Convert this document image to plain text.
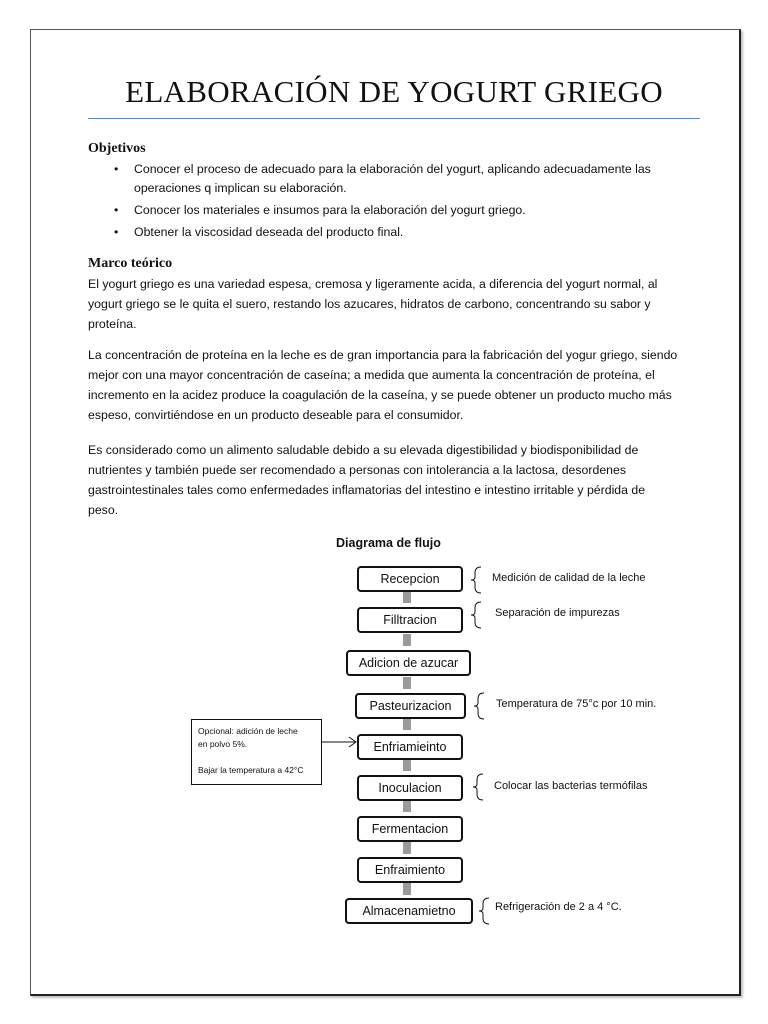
ELABORACIÓN DE YOGURT GRIEGO
Objetivos
• Conocer el proceso de adecuado para la elaboración del yogurt, aplicando adecuadamente las
operaciones q implican su elaboración.
• Conocer los materiales e insumos para la elaboración del yogurt griego.
• Obtener la viscosidad deseada del producto final.
Marco teórico

El yogurt griego es una variedad espesa, cremosa y ligeramente acida, a diferencia del yogurt normal, al
yogurt griego se le quita el suero, restando los azucares, hidratos de carbono, concentrando su sabor y
proteína.

La concentración de proteína en la leche es de gran importancia para la fabricación del yogur griego, siendo
mejor con una mayor concentración de caseína; a medida que aumenta la concentración de proteína, el
incremento en la acidez produce la coagulación de la caseína, y se puede obtener un producto mucho más
espeso, convirtiéndose en un producto deseable para el consumidor.

Es considerado como un alimento saludable debido a su elevada digestibilidad y biodisponibilidad de
nutrientes y también puede ser recomendado a personas con intolerancia a la lactosa, desordenes
gastrointestinales tales como enfermedades inflamatorias del intestino e intestino irritable y pérdida de
peso.

Diagrama de flujo
Recepcion
Filltracion
Adicion de azucar
Pasteurizacion
Enfriamieinto
Inoculacion
Fermentacion
Enfraimiento
Almacenamietno
Medición de calidad de la leche
Separación de impurezas
Temperatura de 75°c por 10 min.
Colocar las bacterias termófilas
Refrigeración de 2 a 4 °C.
Opcional: adición de leche
en polvo 5%.
Bajar la temperatura a 42°C
